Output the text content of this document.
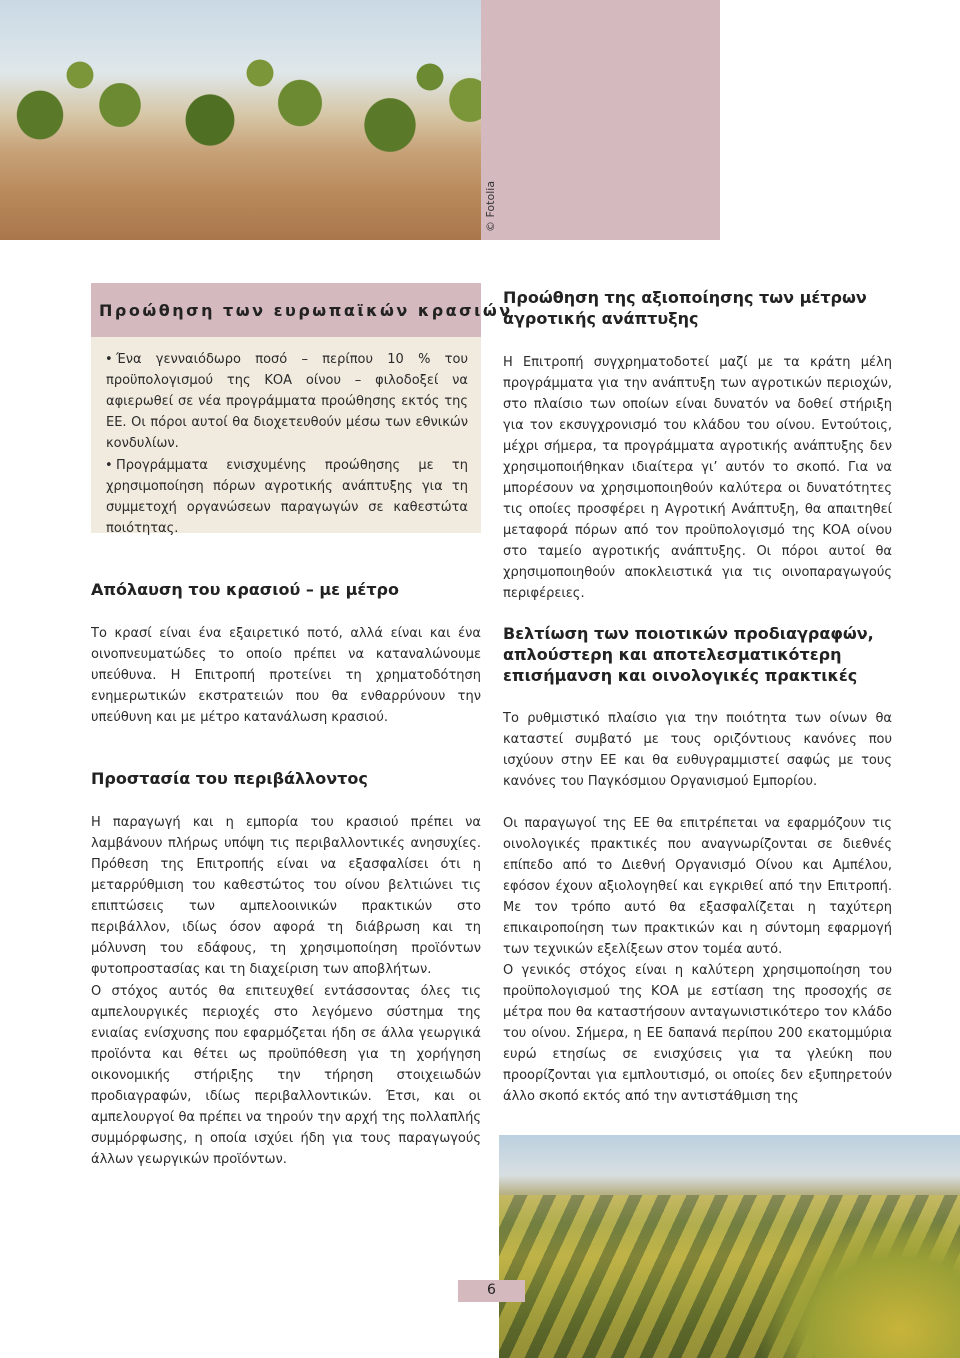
© Fotolia
Προώθηση των ευρωπαϊκών κρασιών
• Ένα γενναιόδωρο ποσό – περίπου 10 % του προϋπολογισμού της ΚΟΑ οίνου – φιλοδοξεί να αφιερωθεί σε νέα προγράμματα προώθησης εκτός της ΕΕ. Οι πόροι αυτοί θα διοχετευθούν μέσω των εθνικών κονδυλίων.
• Προγράμματα ενισχυμένης προώθησης με τη χρησιμοποίηση πόρων αγροτικής ανάπτυξης για τη συμμετοχή οργανώσεων παραγωγών σε καθεστώτα ποιότητας.
Απόλαυση του κρασιού – με μέτρο

Το κρασί είναι ένα εξαιρετικό ποτό, αλλά είναι και ένα οινοπνευματώδες το οποίο πρέπει να καταναλώνουμε υπεύθυνα. Η Επιτροπή προτείνει τη χρηματοδότηση ενημερωτικών εκστρατειών που θα ενθαρρύνουν την υπεύθυνη και με μέτρο κατανάλωση κρασιού.

Προστασία του περιβάλλοντος

Η παραγωγή και η εμπορία του κρασιού πρέπει να λαμβάνουν πλήρως υπόψη τις περιβαλλοντικές ανησυχίες. Πρόθεση της Επιτροπής είναι να εξασφαλίσει ότι η μεταρρύθμιση του καθεστώτος του οίνου βελτιώνει τις επιπτώσεις των αμπελοοινικών πρακτικών στο περιβάλλον, ιδίως όσον αφορά τη διάβρωση και τη μόλυνση του εδάφους, τη χρησιμοποίηση προϊόντων φυτοπροστασίας και τη διαχείριση των αποβλήτων.

Ο στόχος αυτός θα επιτευχθεί εντάσσοντας όλες τις αμπελουργικές περιοχές στο λεγόμενο σύστημα της ενιαίας ενίσχυσης που εφαρμόζεται ήδη σε άλλα γεωργικά προϊόντα και θέτει ως προϋπόθεση για τη χορήγηση οικονομικής στήριξης την τήρηση στοιχειωδών προδιαγραφών, ιδίως περιβαλλοντικών. Έτσι, και οι αμπελουργοί θα πρέπει να τηρούν την αρχή της πολλαπλής συμμόρφωσης, η οποία ισχύει ήδη για τους παραγωγούς άλλων γεωργικών προϊόντων.

Προώθηση της αξιοποίησης των μέτρων αγροτικής ανάπτυξης

Η Επιτροπή συγχρηματοδοτεί μαζί με τα κράτη μέλη προγράμματα για την ανάπτυξη των αγροτικών περιοχών, στο πλαίσιο των οποίων είναι δυνατόν να δοθεί στήριξη για τον εκσυγχρονισμό του κλάδου του οίνου. Εντούτοις, μέχρι σήμερα, τα προγράμματα αγροτικής ανάπτυξης δεν χρησιμοποιήθηκαν ιδιαίτερα γι’ αυτόν το σκοπό. Για να μπορέσουν να χρησιμοποιηθούν καλύτερα οι δυνατότητες τις οποίες προσφέρει η Αγροτική Ανάπτυξη, θα απαιτηθεί μεταφορά πόρων από τον προϋπολογισμό της ΚΟΑ οίνου στο ταμείο αγροτικής ανάπτυξης. Οι πόροι αυτοί θα χρησιμοποιηθούν αποκλειστικά για τις οινοπαραγωγούς περιφέρειες.

Βελτίωση των ποιοτικών προδιαγραφών, απλούστερη και αποτελεσματικότερη επισήμανση και οινολογικές πρακτικές

Το ρυθμιστικό πλαίσιο για την ποιότητα των οίνων θα καταστεί συμβατό με τους οριζόντιους κανόνες που ισχύουν στην ΕΕ και θα ευθυγραμμιστεί σαφώς με τους κανόνες του Παγκόσμιου Οργανισμού Εμπορίου.

Οι παραγωγοί της ΕΕ θα επιτρέπεται να εφαρμόζουν τις οινολογικές πρακτικές που αναγνωρίζονται σε διεθνές επίπεδο από το Διεθνή Οργανισμό Οίνου και Αμπέλου, εφόσον έχουν αξιολογηθεί και εγκριθεί από την Επιτροπή. Με τον τρόπο αυτό θα εξασφαλίζεται η ταχύτερη επικαιροποίηση των πρακτικών και η σύντομη εφαρμογή των τεχνικών εξελίξεων στον τομέα αυτό.

Ο γενικός στόχος είναι η καλύτερη χρησιμοποίηση του προϋπολογισμού της ΚΟΑ με εστίαση της προσοχής σε μέτρα που θα καταστήσουν ανταγωνιστικότερο τον κλάδο του οίνου. Σήμερα, η ΕΕ δαπανά περίπου 200 εκατομμύρια ευρώ ετησίως σε ενισχύσεις για τα γλεύκη που προορίζονται για εμπλουτισμό, οι οποίες δεν εξυπηρετούν άλλο σκοπό εκτός από την αντιστάθμιση της

6
